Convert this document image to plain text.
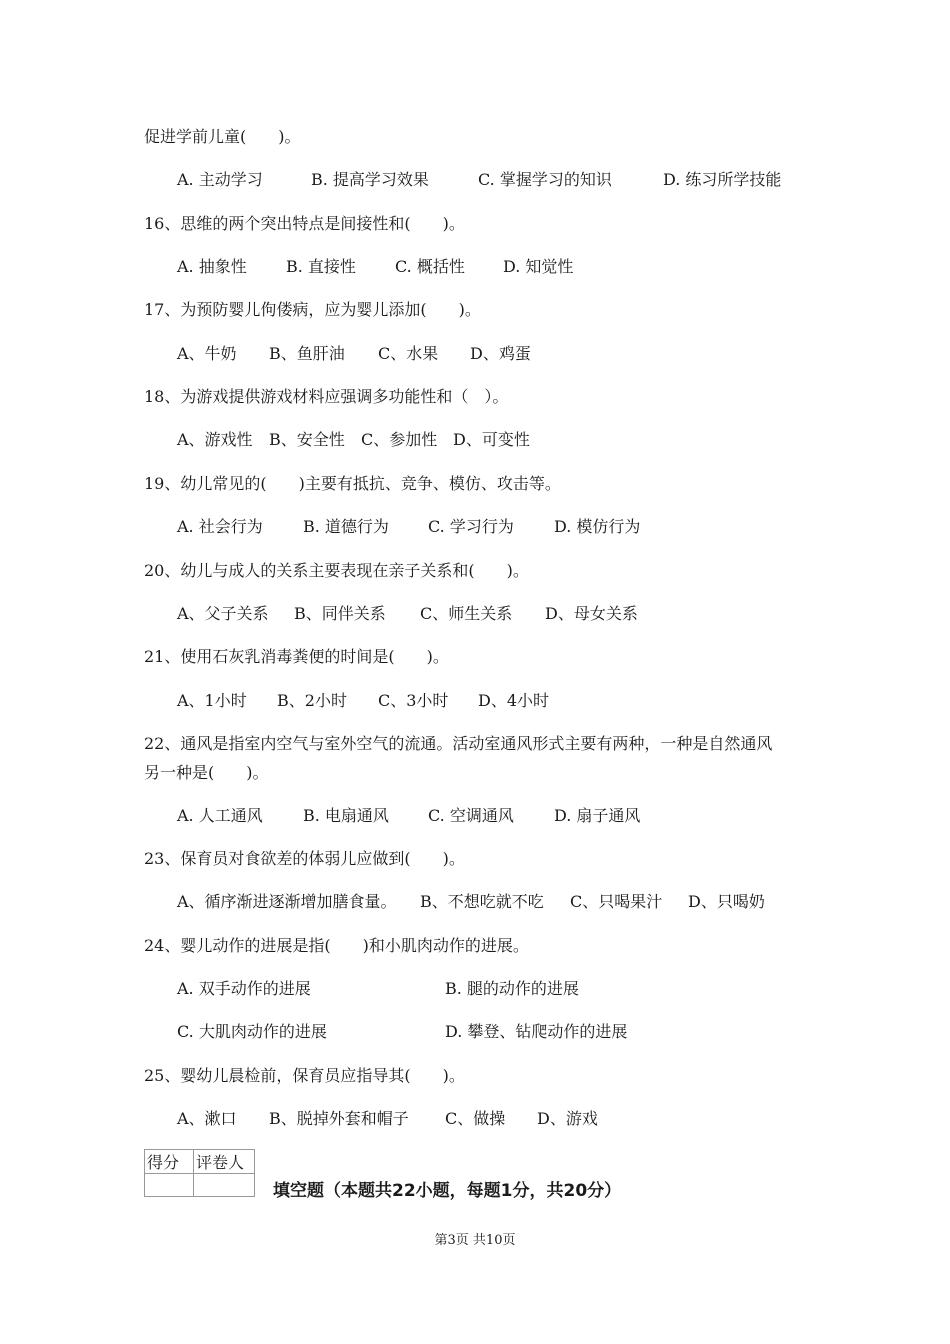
促进学前儿童(　　)。
A. 主动学习	B. 提高学习效果	C. 掌握学习的知识	D. 练习所学技能
16、思维的两个突出特点是间接性和(　　)。
A. 抽象性 B. 直接性 C. 概括性 D. 知觉性
17、为预防婴儿佝偻病，应为婴儿添加(　　)。
A、牛奶 B、鱼肝油 C、水果 D、鸡蛋
18、为游戏提供游戏材料应强调多功能性和（　）。
A、游戏性 B、安全性 C、参加性 D、可变性
19、幼儿常见的(　　)主要有抵抗、竞争、模仿、攻击等。
A. 社会行为	B. 道德行为 C. 学习行为	D. 模仿行为
20、幼儿与成人的关系主要表现在亲子关系和(　　)。
A、父子关系 B、同伴关系 C、师生关系 D、母女关系
21、使用石灰乳消毒粪便的时间是(　　)。
A、1小时 B、2小时 C、3小时 D、4小时
22、通风是指室内空气与室外空气的流通。活动室通风形式主要有两种，一种是自然通风
另一种是(　　)。
A. 人工通风	B. 电扇通风 C. 空调通风	D. 扇子通风
23、保育员对食欲差的体弱儿应做到(　　)。
A、循序渐进逐渐增加膳食量。 B、不想吃就不吃 C、只喝果汁 D、只喝奶
24、婴儿动作的进展是指(　　)和小肌肉动作的进展。
A. 双手动作的进展	B. 腿的动作的进展
C. 大肌肉动作的进展	D. 攀登、钻爬动作的进展
25、婴幼儿晨检前，保育员应指导其(　　)。
A、漱口 B、脱掉外套和帽子 C、做操 D、游戏
得分	评卷人

填空题（本题共22小题，每题1分，共20分）
第3页 共10页
